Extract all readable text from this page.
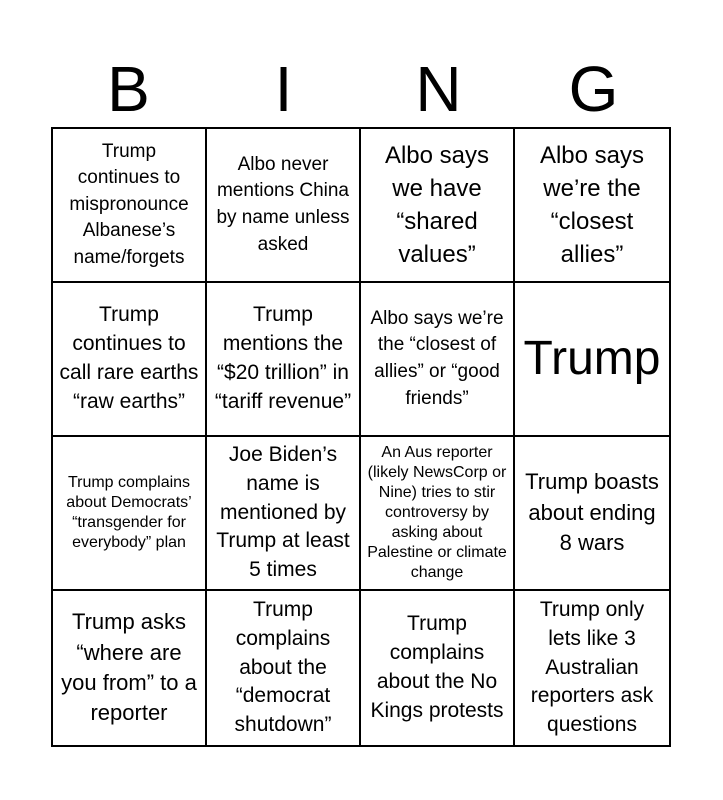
B	I	N	G
Trump continues to mispronounce Albanese’s name/forgets
Albo never mentions China by name unless asked
Albo says we have “shared values”
Albo says we’re the “closest allies”
Trump continues to call rare earths “raw earths”
Trump mentions the “$20 trillion” in “tariff revenue”
Albo says we’re the “closest of allies” or “good friends”
Trump
Trump complains about Democrats’ “transgender for everybody” plan
Joe Biden’s name is mentioned by Trump at least 5 times
An Aus reporter (likely NewsCorp or Nine) tries to stir controversy by asking about Palestine or climate change
Trump boasts about ending 8 wars
Trump asks “where are you from” to a reporter
Trump complains about the “democrat shutdown”
Trump complains about the No Kings protests
Trump only lets like 3 Australian reporters ask questions
